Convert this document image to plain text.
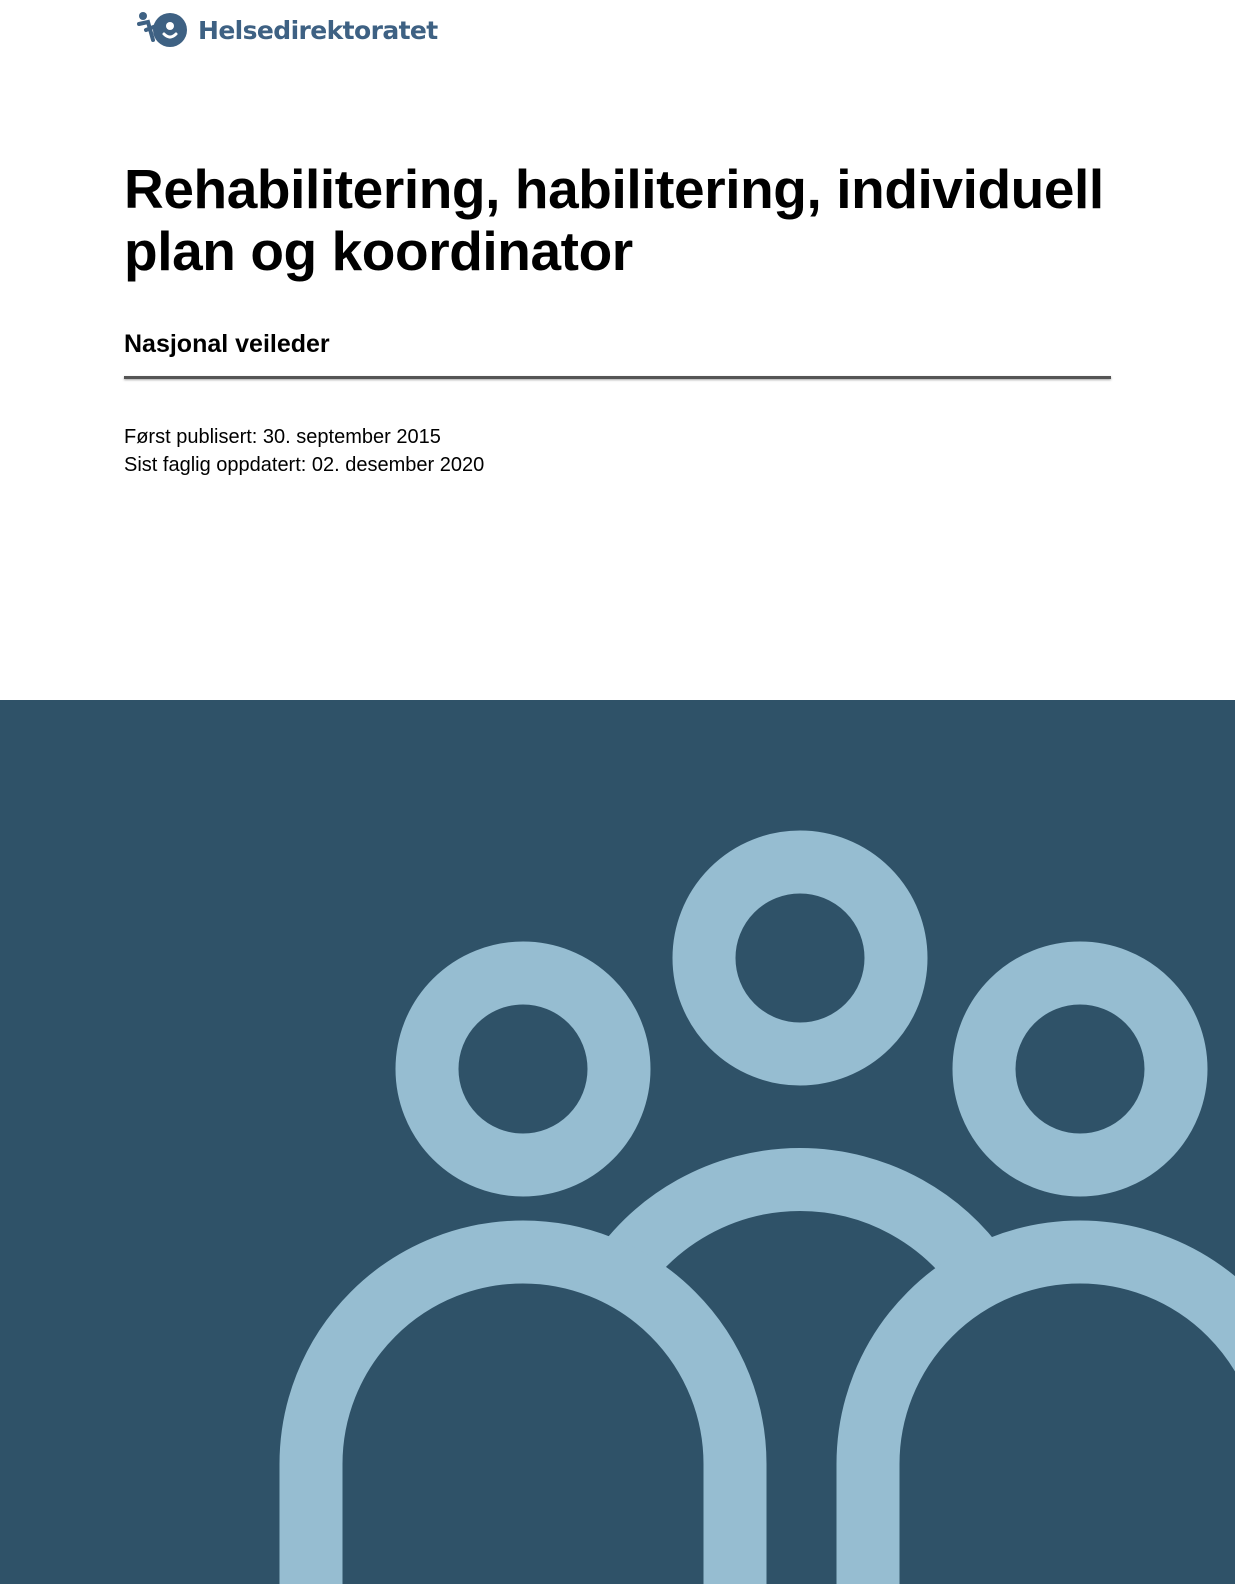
Helsedirektoratet
Rehabilitering, habilitering, individuell plan og koordinator
Nasjonal veileder
Først publisert: 30. september 2015
Sist faglig oppdatert: 02. desember 2020
